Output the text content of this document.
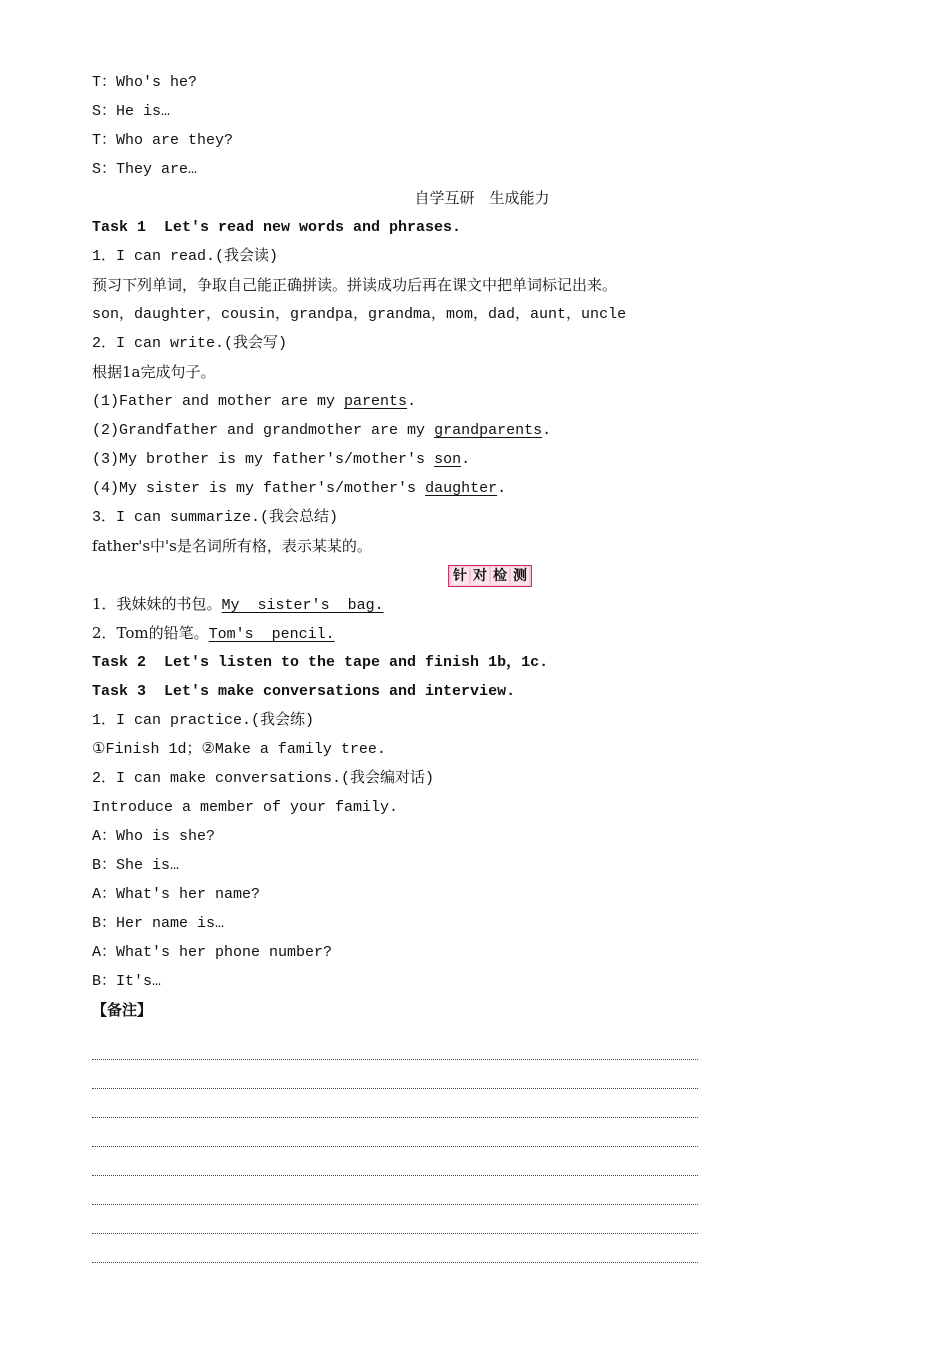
T：Who's he?
S：He is…
T：Who are they?
S：They are…
自学互研　生成能力
Task 1  Let's read new words and phrases.
1．I can read.(我会读)
预习下列单词，争取自己能正确拼读。拼读成功后再在课文中把单词标记出来。
son，daughter，cousin，grandpa，grandma，mom，dad，aunt，uncle
2．I can write.(我会写)
根据1a完成句子。
(1)Father and mother are my parents.
(2)Grandfather and grandmother are my grandparents.
(3)My brother is my father's/mother's son.
(4)My sister is my father's/mother's daughter.
3．I can summarize.(我会总结)
father's中's是名词所有格，表示某某的。
针 对 检 测
1．我妹妹的书包。My  sister's  bag.
2．Tom的铅笔。Tom's  pencil.
Task 2  Let's listen to the tape and finish 1b，1c.
Task 3  Let's make conversations and interview.
1．I can practice.(我会练)
①Finish 1d；②Make a family tree.
2．I can make conversations.(我会编对话)
Introduce a member of your family.
A：Who is she?
B：She is…
A：What's her name?
B：Her name is…
A：What's her phone number?
B：It's…
【备注】
